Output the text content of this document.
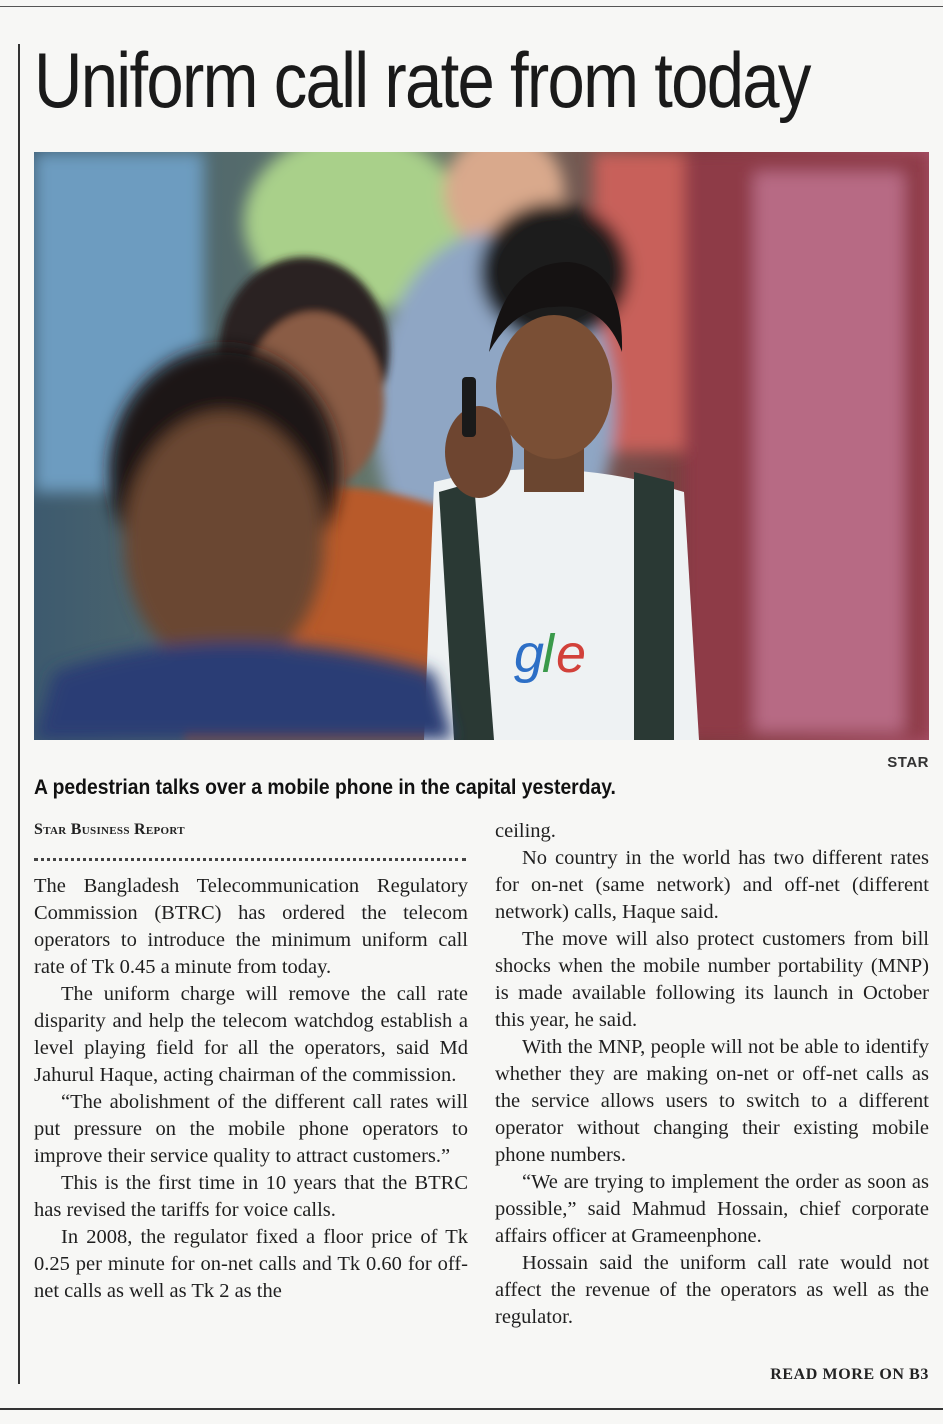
Uniform call rate from today
g
l e
STAR
A pedestrian talks over a mobile phone in the capital yesterday.
Star Business Report

The Bangladesh Telecommunication Regulatory Commission (BTRC) has ordered the telecom operators to introduce the minimum uniform call rate of Tk 0.45 a minute from today.

The uniform charge will remove the call rate disparity and help the telecom watchdog establish a level playing field for all the operators, said Md Jahurul Haque, acting chairman of the commission.

“The abolishment of the different call rates will put pressure on the mobile phone operators to improve their service quality to attract customers.”

This is the first time in 10 years that the BTRC has revised the tariffs for voice calls.

In 2008, the regulator fixed a floor price of Tk 0.25 per minute for on-net calls and Tk 0.60 for off-net calls as well as Tk 2 as the

ceiling.

No country in the world has two different rates for on-net (same network) and off-net (different network) calls, Haque said.

The move will also protect customers from bill shocks when the mobile number portability (MNP) is made available following its launch in October this year, he said.

With the MNP, people will not be able to identify whether they are making on-net or off-net calls as the service allows users to switch to a different operator without changing their existing mobile phone numbers.

“We are trying to implement the order as soon as possible,” said Mahmud Hossain, chief corporate affairs officer at Grameenphone.

Hossain said the uniform call rate would not affect the revenue of the operators as well as the regulator.

READ MORE ON B3
